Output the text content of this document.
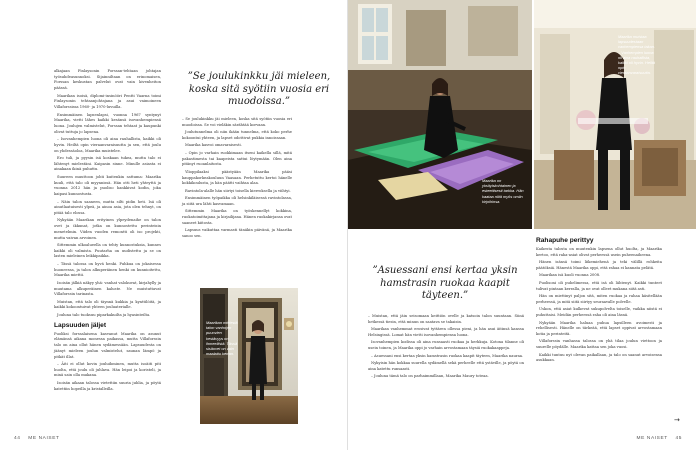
alkajaan Finlaysonin Forssan-tehtaan johtajan työsuhdeasunnoksi. Sijainniltaan on erinomaisen, Forssan keskustan palvelut ovat vain kivenheiton päässä.

Maarikan isoisä, diplomi-insinööri Pentti Vaarna toimi Finlaysonin tehtaanjohtajana ja asui vaimoineen Villaforssissa 1960- ja 1970-luvuilla.

Ensimmäinen lapsenlapsi, vuonna 1967 syntynyt Maarika, vietti lähes kaikki kesänsä isovanhempiensä luona. Joulujen valmistelut, Forssan tehtaat ja kaupunki olivat tuttuja jo lapsena.

– Isovanhempien luona oli aina rauhallista, kaikki oli hyvin. Heiltä opin vieraanvaraisuutta ja sen, että joulu on yhdessäoloa, Maarika muistelee.

Ero tuli, ja pyysin isä koskaan tukea, mutta talo ei lähtenyt mielestäni. Kaipasin sinne. Minulle asiasta ei ainakaan ikinä puhuttu.

Suureen muuttoon johti kuitenkin sattuma: Maarika kuuli, että talo oli myynnissä. Hän otti heti yhteyttä ja vuonna 2012 hän ja puoliso hankkivat kodin, joka kaipasi kunnostusta.

– Näin talon saaneen, mutta silti pidin heti. Isä oli ainutlaatuisesti ylpeä, ja ainoa asia, jota olen tehnyt, on pitää talo elossa.

Nykyään Maarikan erityinen ylpeydenaihe on talon ovet ja ikkunat, jotka on kunnostettu perinteisin menetelmin. Viiden vuoden remontti oli iso projekti, mutta vaivan arvoinen.

Sittemmin ulkoalueella on tehty kunnostuksia, kunnes kaikki oli valmista. Puutarha on uudistettu ja se on lasten mieleinen leikkipaikka.

– Tässä talossa on hyvä henki. Puhkua on jokaisessa huoneessa, ja talon alkuperäinen henki on kunnioitettu, Maarika miettii.

Isoisän jälkiä näkyy yhä: vanhat valokuvat, kirjahylly ja muutama alkuperäinen kaluste. Ne muistuttavat Villaforssin tarinasta.

Muistan, että talo oli täynnä kukkia ja kynttilöitä, ja kaikki kokoontuivat yhteen jouluaterialle.

Jouluna talo tuoksuu piparkakuilta ja hyasinteilta.

Lapsuuden jäljet

Puoliksi forssalaisena kasvanut Maarika on asunut elämänsä aikana monessa paikassa, mutta Villaforssin talo on aina ollut hänen sydämessään. Lapsuudesta on jäänyt mieleen joulun valmistelut, saunan lämpö ja pitkät illat.

– Äiti ei ollut kovin jouluihminen, mutta isoäiti piti huolta, että joulu oli juhlava. Hän leipoi ja koristeli, ja minä sain olla mukana.

Isoisän aikaan talossa vietettiin suuria juhlia, ja pöytä katettiin hopeilla ja kristalleilla.

”Se joulukinkku jäi mieleen, koska sitä syötiin vuosia eri muodoissa.”

– Se joulukinkku jäi mieleen, koska sitä syötiin vuosia eri muodoissa. Se voi vieläkin särähtää korvaan.

Joulutunnelma oli niin ikään tunnelma, että koko perhe kokoontui yhteen, ja lapset odottivat pukkia innoissaan.

Maarika kasvoi omavaraisesti.

– Opin jo varhain ruokkimaan itseni kaikella sillä, mitä pakastimesta tai kaapeista sattui löytymään. Olen aina pitänyt ruoanlaitosta.

Ylioppilaaksi päästyään Maarika pääsi kauppakorkeakouluun Vaasaan. Perhetuttu kertoi hänelle kokkikoulusta, ja hän päätti vaihtaa alaa.

Ravintola-alalle hän siirtyi toisella kierroksella ja viihtyi.

Ensimmäinen työpaikka oli helsinkiläisessä ravintolassa, ja siitä ura lähti kasvamaan.

Sittemmin Maarika on työskennellyt kokkina, ruokatoimittajana ja kirjailijana. Hänen ruokakirjansa ovat saaneet kiitosta.

Lapsuus vaikuttaa varmasti tänäkin päivänä, ja Maarika sanoo sen.

Maarikan mielestä talon vanhojen puuovien kestävyys on ihmeellistä. Tässä sisäovet on vain maalattu kerran.
44 ME NAISET
Maarika on yksityiskohtainen ja esteettisesti tarkka. Hän kaataa niitä myös omiin kirjoihinsa.
Maarika muistaa lapsuudestaan vanhempiensa takan. – Vanhempien luona oli aina rauhallista, kaikki oli hyvin. Heiltä opin vieraanvaraisuutta.
”Asuessani ensi kertaa yksin hamstrasin ruokaa kaapit täyteen.”

– Muistan, että jäin seisomaan keittiön ovelle ja katsoin talon suuntaan. Siinä hetkessä tiesin, että minun on saatava se takaisin.

Maarikan vanhemmat erosivat tyttären ollessa pieni, ja hän asui äitinsä kanssa Helsingissä. Lomat hän vietti isovanhempiensa luona.

Isovanhempien kodissa oli aina runsaasti ruokaa ja herkkuja. Kotona tilanne oli usein toinen, ja Maarika oppi jo varhain arvostamaan täysiä ruokakaappeja.

– Asuessani ensi kertaa yksin hamstrasin ruokaa kaapit täyteen, Maarika nauraa.

Nykyisin hän kokkaa suurella sydämellä sekä perheelle että ystäville, ja pöytä on aina katettu runsaasti.

– Jouluna tämä talo on parhaimmillaan, Maarika Maury toteaa.

Rahapuhe perittyy

Kaikesta talosta on muutenkin lapsena ollut huolta, ja Maarika kertoo, että raha-asiat olivat perheessä usein puheenaiheena.

Hänen isänsä toimi liikemiehenä ja teki välillä rohkeita päätöksiä. Hänestä Maarika oppi, että rahaa ei kannata pelätä.

Maarikan isä kuoli vuonna 2008.

Puolisoni oli puhelimessa, että isä oli lähtenyt. Kaikki tunteet tulivat pintaan kerralla, ja ne ovat olleet mukana siitä asti.

Hän on miettinyt paljon sitä, miten ruokaa ja rahaa käsitellään perheessä, ja mitä siitä siirtyy seuraavalle polvelle.

Uskon, että asiat kulkevat sukupolvelta toiselle, vaikka niistä ei puhuttaisi. Meidän perheessä raha oli aina läsnä.

Nykyään Maarika haluaa puhua lapsilleen avoimesti ja rehellisesti. Hänelle on tärkeää, että lapset oppivat arvostamaan kotia ja perinteitä.

Villaforssin vanhassa talossa on yhä tilaa joulun viettoon ja suurelle pöydälle. Maarika kattaa sen joka vuosi.

Kaikki tuntuu nyt olevan paikallaan, ja talo on saanut arvoisensa asukkaan.

→
ME NAISET 45
